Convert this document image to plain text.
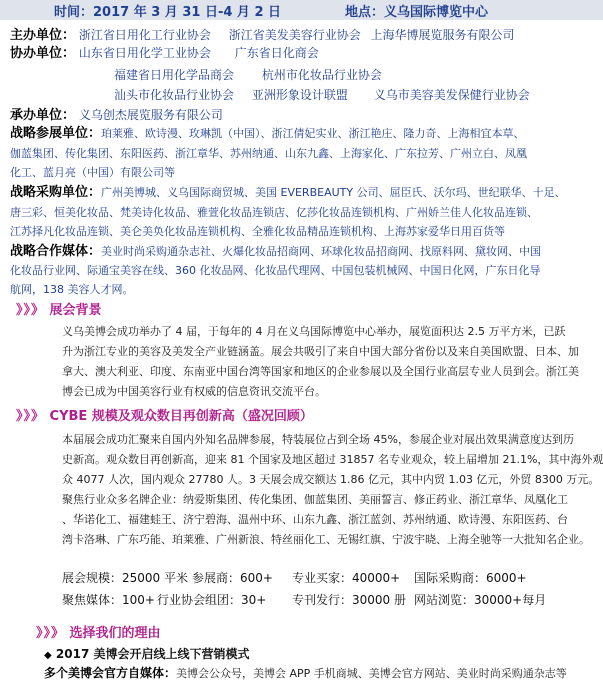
时间：2017 年 3 月 31 日-4 月 2 日	地点：义乌国际博览中心
主办单位： 浙江省日用化工行业协会 浙江省美发美容行业协会 上海华博展览服务有限公司
协办单位： 山东省日用化学工业协会 广东省日化商会
福建省日用化学品商会 杭州市化妆品行业协会
汕头市化妆品行业协会 亚洲形象设计联盟 义乌市美容美发保健行业协会
承办单位： 义乌创杰展览服务有限公司
战略参展单位：珀莱雅、欧诗漫、玫琳凯（中国）、浙江倩妃实业、浙江艳庄、隆力奇、上海相宜本草、
伽蓝集团、传化集团、东阳医药、浙江章华、苏州纳通、山东九鑫、上海家化、广东拉芳、广州立白、凤凰
化工、蓝月亮（中国）有限公司等
战略采购单位：广州美博城、义乌国际商贸城、美国 EVERBEAUTY 公司、屈臣氏、沃尔玛、世纪联华、十足、
唐三彩、恒美化妆品、梵美诗化妆品、雅萱化妆品连锁店、亿莎化妆品连锁机构、广州娇兰佳人化妆品连锁、
江苏择凡化妆品连锁、美仑美奂化妆品连锁机构、全雅化妆品精品连锁机构、上海苏家爱华日用百货等
战略合作媒体：美业时尚采购通杂志社、火爆化妆品招商网、环球化妆品招商网、找原料网、黛妆网、中国
化妆品行业网、际通宝美容在线、360 化妆品网、化妆品代理网、中国包装机械网、中国日化网，广东日化导
航网，138 美容人才网。
》》》 展会背景
义乌美博会成功举办了 4 届，于每年的 4 月在义乌国际博览中心举办，展览面积达 2.5 万平方米，已跃
升为浙江专业的美容及美发全产业链涵盖。展会共吸引了来自中国大部分省份以及来自美国欧盟、日本、加
拿大、澳大利亚、印度、东南亚中国台湾等国家和地区的企业参展以及全国行业高层专业人员到会。浙江美
博会已成为中国美容行业有权威的信息资讯交流平台。
》》》 CYBE 规模及观众数目再创新高（盛况回顾）
本届展会成功汇聚来自国内外知名品牌参展，特装展位占到全场 45%，参展企业对展出效果满意度达到历
史新高。观众数目再创新高，迎来 81 个国家及地区超过 31857 名专业观众，较上届增加 21.1%，其中海外观
众 4077 人次，国内观众 27780 人。3 天展会成交额达 1.86 亿元，其中内贸 1.03 亿元，外贸 8300 万元。
聚焦行业众多名牌企业：纳爱斯集团、传化集团、伽蓝集团、美丽誓言、修正药业、浙江章华、凤凰化工
、华诺化工、福建蛙王、济宁碧海、温州中环、山东九鑫、浙江蓝剑、苏州纳通、欧诗漫、东阳医药、台
湾卡洛琳、广东巧能、珀莱雅、广州新浪、特丝丽化工、无锡红旗、宁波宇晓、上海全驰等一大批知名企业。
展会规模：25000 平米 参展商：600+ 专业买家：40000+ 国际采购商：6000+
聚焦媒体：100+ 行业协会组团：30+ 专刊发行：30000 册 网站浏览：30000+每月
》》》 选择我们的理由
◆ 2017 美博会开启线上线下营销模式
多个美博会官方自媒体：美博会公众号，美博会 APP 手机商城、美博会官方网站、美业时尚采购通杂志等
